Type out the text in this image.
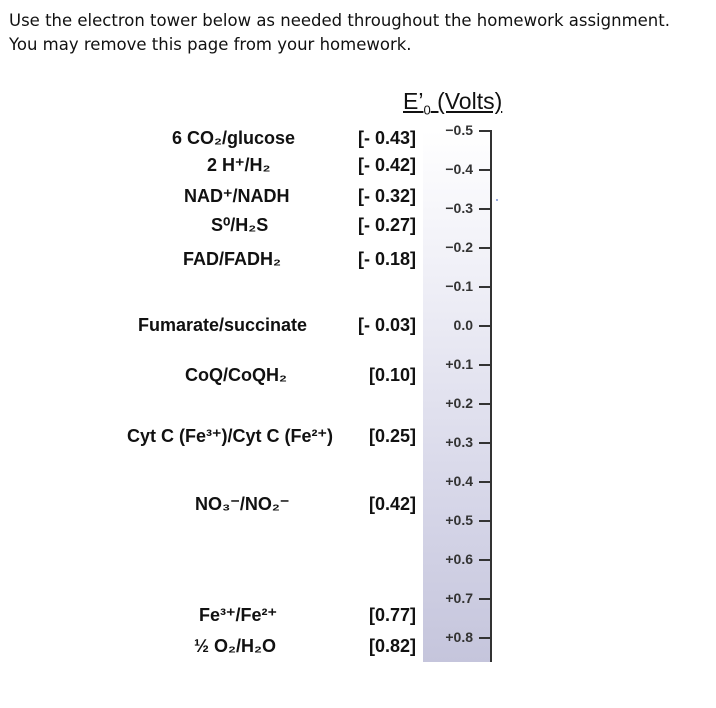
Use the electron tower below as needed throughout the homework assignment.
You may remove this page from your homework.
$E’_0$ (Volts)
−0.5
−0.4
−0.3
−0.2
−0.1
0.0
+0.1
+0.2
+0.3
+0.4
+0.5
+0.6
+0.7
+0.8
6 CO₂/glucose	[- 0.43]
2 H⁺/H₂	[- 0.42]
NAD⁺/NADH	[- 0.32]
S⁰/H₂S	[- 0.27]
FAD/FADH₂	[- 0.18]
Fumarate/succinate	[- 0.03]
CoQ/CoQH₂	[0.10]
Cyt C (Fe³⁺)/Cyt C (Fe²⁺)	[0.25]
NO₃⁻/NO₂⁻	[0.42]
Fe³⁺/Fe²⁺	[0.77]
½ O₂/H₂O	[0.82]
